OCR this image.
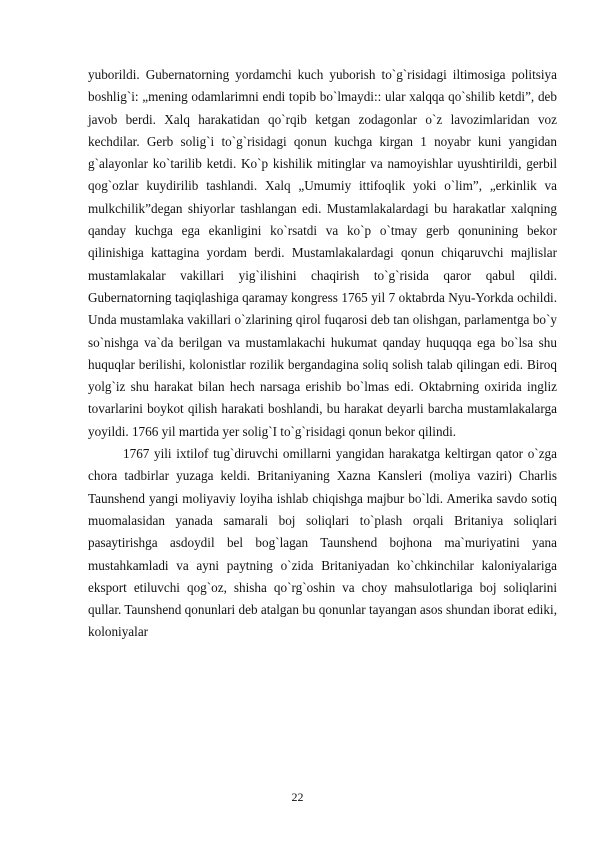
yuborildi. Gubernatorning yordamchi kuch yuborish to`g`risidagi iltimosiga politsiya boshlig`i: „mening odamlarimni endi topib bo`lmaydi:: ular xalqqa qo`shilib ketdi”, deb javob berdi. Xalq harakatidan qo`rqib ketgan zodagonlar o`z lavozimlaridan voz kechdilar. Gerb solig`i to`g`risidagi qonun kuchga kirgan 1 noyabr kuni yangidan g`alayonlar ko`tarilib ketdi. Ko`p kishilik mitinglar va namoyishlar uyushtirildi, gerbil qog`ozlar kuydirilib tashlandi. Xalq „Umumiy ittifoqlik yoki o`lim”, „erkinlik va mulkchilik”degan shiyorlar tashlangan edi. Mustamlakalardagi bu harakatlar xalqning qanday kuchga ega ekanligini ko`rsatdi va ko`p o`tmay gerb qonunining bekor qilinishiga kattagina yordam berdi. Mustamlakalardagi qonun chiqaruvchi majlislar mustamlakalar vakillari yig`ilishini chaqirish to`g`risida qaror qabul qildi. Gubernatorning taqiqlashiga qaramay kongress 1765 yil 7 oktabrda Nyu-Yorkda ochildi. Unda mustamlaka vakillari o`zlarining qirol fuqarosi deb tan olishgan, parlamentga bo`y so`nishga va`da berilgan va mustamlakachi hukumat qanday huquqqa ega bo`lsa shu huquqlar berilishi, kolonistlar rozilik bergandagina soliq solish talab qilingan edi. Biroq yolg`iz shu harakat bilan hech narsaga erishib bo`lmas edi. Oktabrning oxirida ingliz tovarlarini boykot qilish harakati boshlandi, bu harakat deyarli barcha mustamlakalarga yoyildi. 1766 yil martida yer solig`I to`g`risidagi qonun bekor qilindi.

1767 yili ixtilof tug`diruvchi omillarni yangidan harakatga keltirgan qator o`zga chora tadbirlar yuzaga keldi. Britaniyaning Xazna Kansleri (moliya vaziri) Charlis Taunshend yangi moliyaviy loyiha ishlab chiqishga majbur bo`ldi. Amerika savdo sotiq muomalasidan yanada samarali boj soliqlari to`plash orqali Britaniya soliqlari pasaytirishga asdoydil bel bog`lagan Taunshend bojhona ma`muriyatini yana mustahkamladi va ayni paytning o`zida Britaniyadan ko`chkinchilar kaloniyalariga eksport etiluvchi qog`oz, shisha qo`rg`oshin va choy mahsulotlariga boj soliqlarini qullar. Taunshend qonunlari deb atalgan bu qonunlar tayangan asos shundan iborat ediki, koloniyalar

22
